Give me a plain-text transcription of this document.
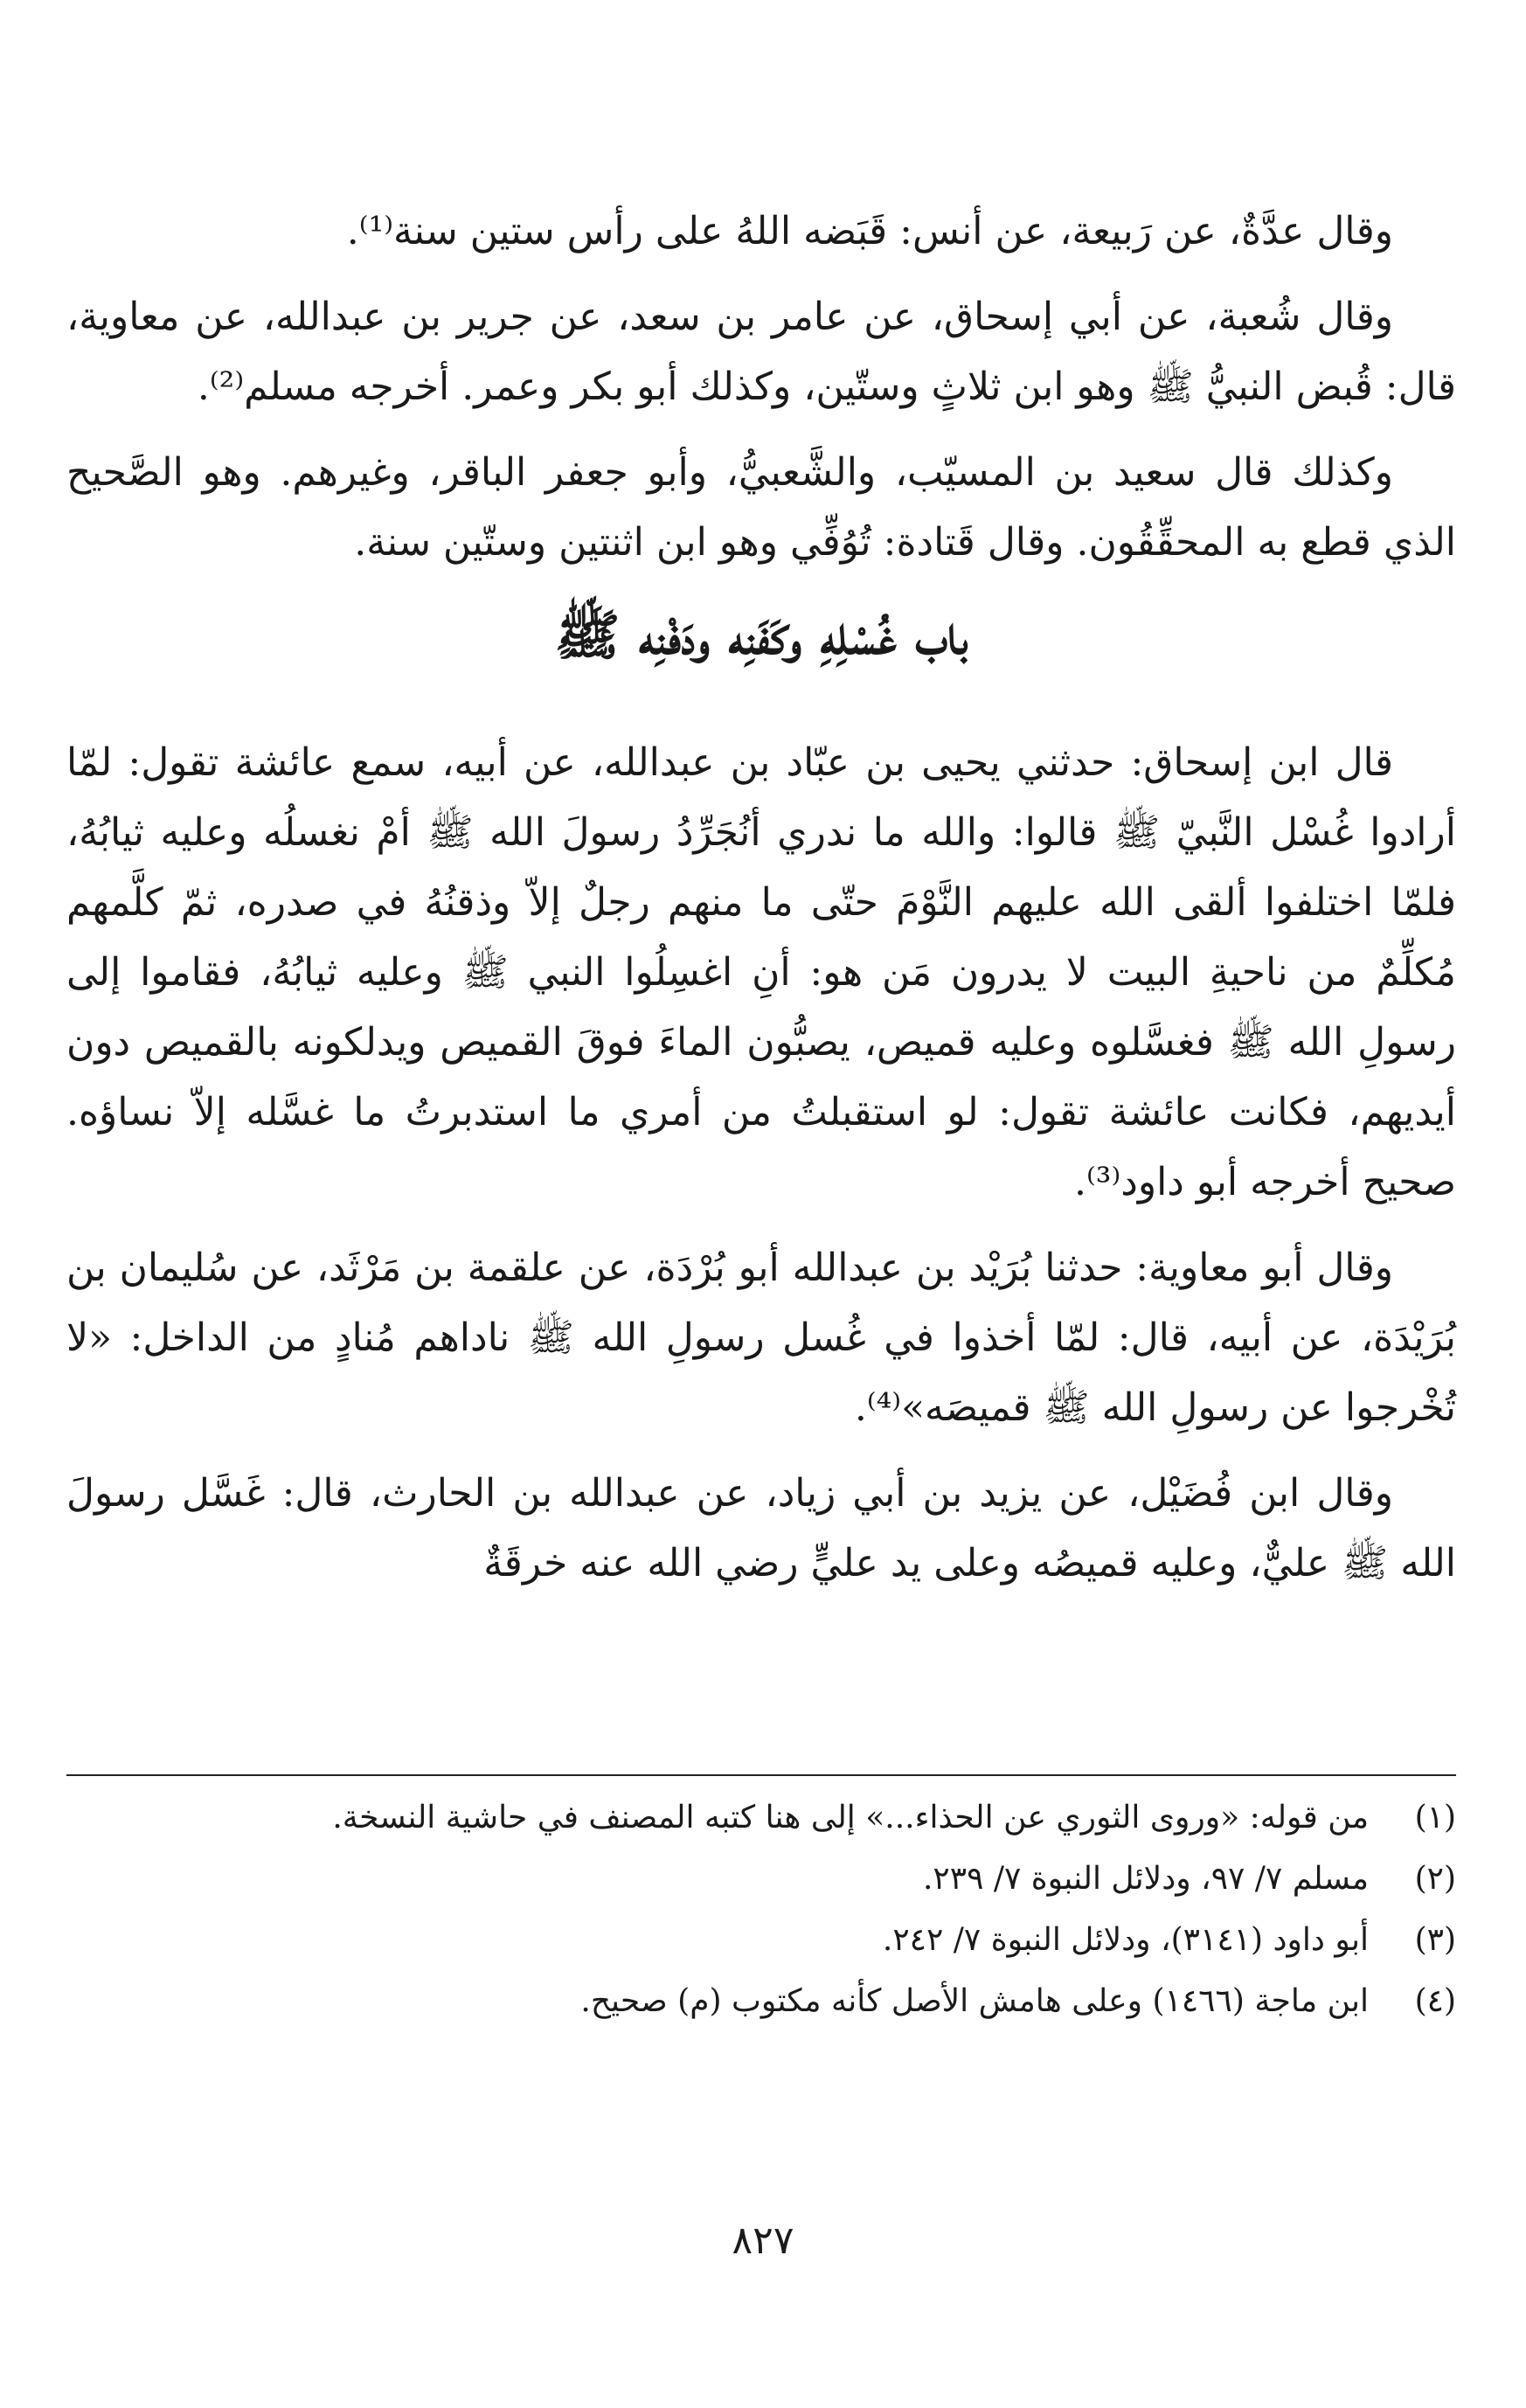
وقال عدَّةٌ، عن رَبيعة، عن أنس: قَبَضه اللهُ على رأس ستين سنة⁽¹⁾.

وقال شُعبة، عن أبي إسحاق، عن عامر بن سعد، عن جرير بن عبدالله، عن معاوية، قال: قُبض النبيُّ ﷺ وهو ابن ثلاثٍ وستّين، وكذلك أبو بكر وعمر. أخرجه مسلم⁽²⁾.

وكذلك قال سعيد بن المسيّب، والشَّعبيُّ، وأبو جعفر الباقر، وغيرهم. وهو الصَّحيح الذي قطع به المحقِّقُون. وقال قَتادة: تُوُفِّي وهو ابن اثنتين وستّين سنة.

باب غُسْلِهِ وكَفَنِه ودَفْنِه ﷺ

قال ابن إسحاق: حدثني يحيى بن عبّاد بن عبدالله، عن أبيه، سمع عائشة تقول: لمّا أرادوا غُسْل النَّبيّ ﷺ قالوا: والله ما ندري أنُجَرِّدُ رسولَ الله ﷺ أمْ نغسلُه وعليه ثيابُهُ، فلمّا اختلفوا ألقى الله عليهم النَّوْمَ حتّى ما منهم رجلٌ إلاّ وذقنُهُ في صدره، ثمّ كلَّمهم مُكلِّمٌ من ناحيةِ البيت لا يدرون مَن هو: أنِ اغسِلُوا النبي ﷺ وعليه ثيابُهُ، فقاموا إلى رسولِ الله ﷺ فغسَّلوه وعليه قميص، يصبُّون الماءَ فوقَ القميص ويدلكونه بالقميص دون أيديهم، فكانت عائشة تقول: لو استقبلتُ من أمري ما استدبرتُ ما غسَّله إلاّ نساؤه. صحيح أخرجه أبو داود⁽³⁾.

وقال أبو معاوية: حدثنا بُرَيْد بن عبدالله أبو بُرْدَة، عن علقمة بن مَرْثَد، عن سُليمان بن بُرَيْدَة، عن أبيه، قال: لمّا أخذوا في غُسل رسولِ الله ﷺ ناداهم مُنادٍ من الداخل: «لا تُخْرجوا عن رسولِ الله ﷺ قميصَه»⁽⁴⁾.

وقال ابن فُضَيْل، عن يزيد بن أبي زياد، عن عبدالله بن الحارث، قال: غَسَّل رسولَ الله ﷺ عليٌّ، وعليه قميصُه وعلى يد عليٍّ رضي الله عنه خرقَةٌ

(١)
من قوله: «وروى الثوري عن الحذاء...» إلى هنا كتبه المصنف في حاشية النسخة.
(٢)
مسلم ٧/ ٩٧، ودلائل النبوة ٧/ ٢٣٩.
(٣)
أبو داود (٣١٤١)، ودلائل النبوة ٧/ ٢٤٢.
(٤)
ابن ماجة (١٤٦٦) وعلى هامش الأصل كأنه مكتوب (م) صحيح.
٨٢٧
